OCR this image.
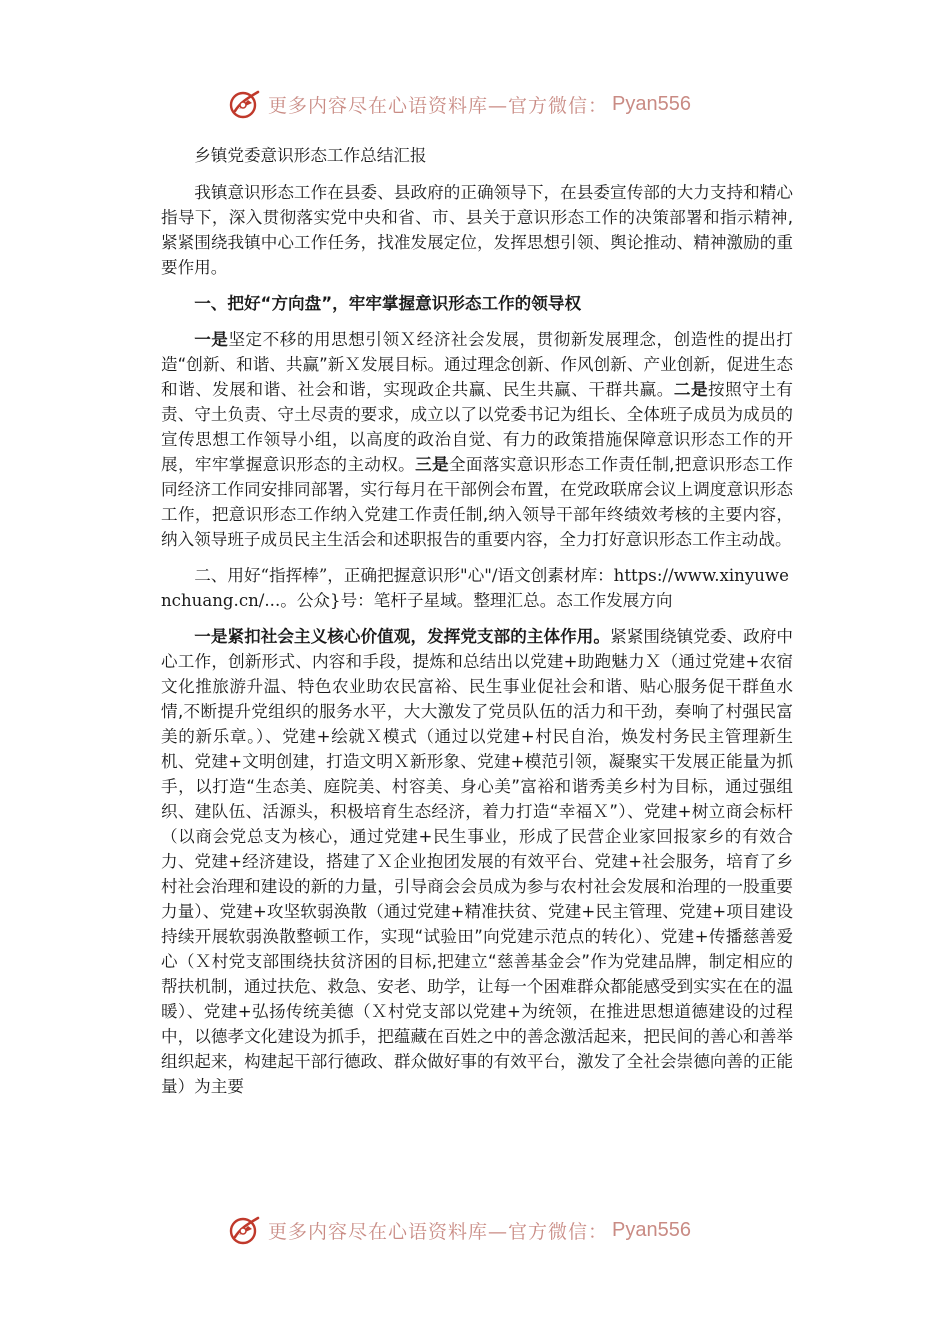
更多内容尽在心语资料库—官方微信： Pyan556

乡镇党委意识形态工作总结汇报

我镇意识形态工作在县委、县政府的正确领导下，在县委宣传部的大力支持和精心指导下，深入贯彻落实党中央和省、市、县关于意识形态工作的决策部署和指示精神,紧紧围绕我镇中心工作任务，找准发展定位，发挥思想引领、舆论推动、精神激励的重要作用。

一、把好“方向盘”，牢牢掌握意识形态工作的领导权

一是坚定不移的用思想引领Ｘ经济社会发展，贯彻新发展理念，创造性的提出打造“创新、和谐、共赢”新Ｘ发展目标。通过理念创新、作风创新、产业创新，促进生态和谐、发展和谐、社会和谐，实现政企共赢、民生共赢、干群共赢。二是按照守土有责、守土负责、守土尽责的要求，成立以了以党委书记为组长、全体班子成员为成员的宣传思想工作领导小组，以高度的政治自觉、有力的政策措施保障意识形态工作的开展，牢牢掌握意识形态的主动权。三是全面落实意识形态工作责任制,把意识形态工作同经济工作同安排同部署，实行每月在干部例会布置，在党政联席会议上调度意识形态工作，把意识形态工作纳入党建工作责任制,纳入领导干部年终绩效考核的主要内容，纳入领导班子成员民主生活会和述职报告的重要内容，全力打好意识形态工作主动战。

二、用好“指挥棒”，正确把握意识形"心"/语文创素材库：https://www.xinyuwenchuang.cn/...。公众}号：笔杆子星域。整理汇总。态工作发展方向

一是紧扣社会主义核心价值观，发挥党支部的主体作用。紧紧围绕镇党委、政府中心工作，创新形式、内容和手段，提炼和总结出以党建+助跑魅力Ｘ（通过党建+农宿文化推旅游升温、特色农业助农民富裕、民生事业促社会和谐、贴心服务促干群鱼水情,不断提升党组织的服务水平，大大激发了党员队伍的活力和干劲，奏响了村强民富美的新乐章。）、党建+绘就Ｘ模式（通过以党建+村民自治，焕发村务民主管理新生机、党建+文明创建，打造文明Ｘ新形象、党建+模范引领，凝聚实干发展正能量为抓手，以打造“生态美、庭院美、村容美、身心美”富裕和谐秀美乡村为目标，通过强组织、建队伍、活源头，积极培育生态经济，着力打造“幸福Ｘ”）、党建+树立商会标杆（以商会党总支为核心，通过党建+民生事业，形成了民营企业家回报家乡的有效合力、党建+经济建设，搭建了Ｘ企业抱团发展的有效平台、党建+社会服务，培育了乡村社会治理和建设的新的力量，引导商会会员成为参与农村社会发展和治理的一股重要力量）、党建+攻坚软弱涣散（通过党建+精准扶贫、党建+民主管理、党建+项目建设持续开展软弱涣散整顿工作，实现“试验田”向党建示范点的转化）、党建+传播慈善爱心（Ｘ村党支部围绕扶贫济困的目标,把建立“慈善基金会”作为党建品牌，制定相应的帮扶机制，通过扶危、救急、安老、助学，让每一个困难群众都能感受到实实在在的温暖）、党建+弘扬传统美德（Ｘ村党支部以党建+为统领，在推进思想道德建设的过程中，以德孝文化建设为抓手，把蕴藏在百姓之中的善念激活起来，把民间的善心和善举组织起来，构建起干部行德政、群众做好事的有效平台，激发了全社会崇德向善的正能量）为主要

更多内容尽在心语资料库—官方微信： Pyan556
